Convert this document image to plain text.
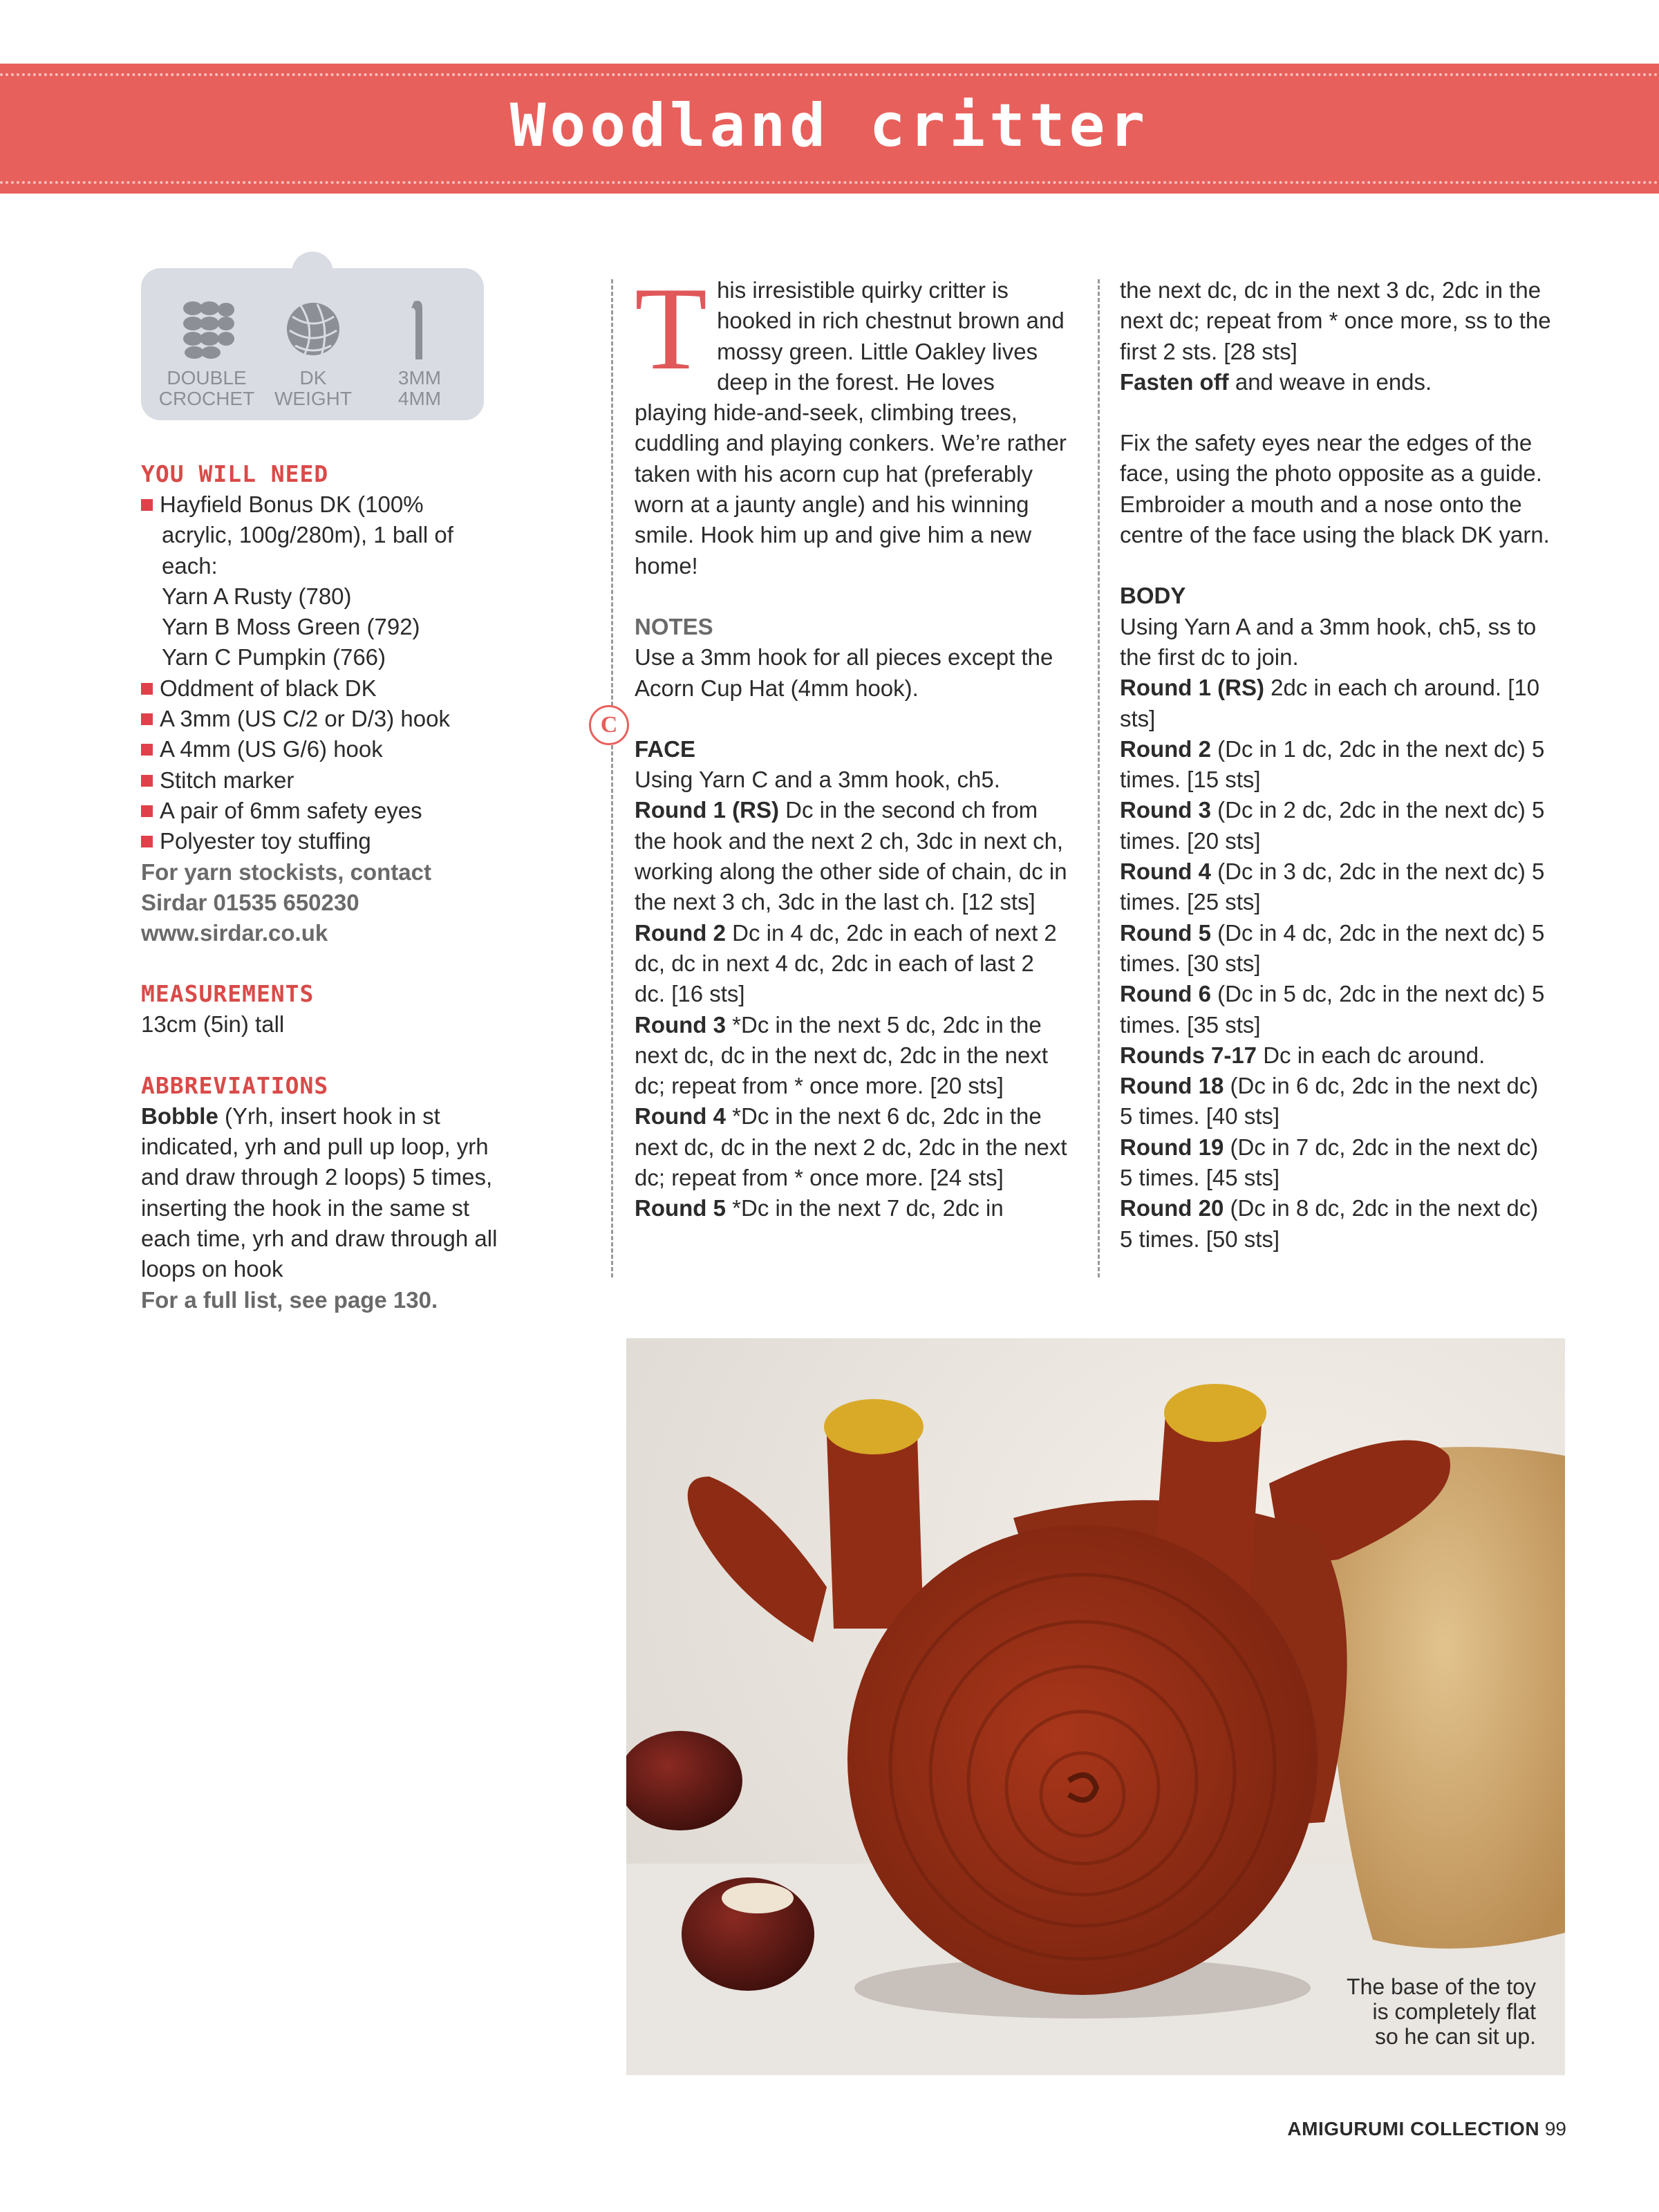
Woodland critter
DOUBLE
CROCHET
DK
WEIGHT
3MM
4MM

YOU WILL NEED

Hayfield Bonus DK (100% acrylic, 100g/280m), 1 ball of each:

Yarn A Rusty (780)

Yarn B Moss Green (792)

Yarn C Pumpkin (766)

Oddment of black DK

A 3mm (US C/2 or D/3) hook

A 4mm (US G/6) hook

Stitch marker

A pair of 6mm safety eyes

Polyester toy stuffing

For yarn stockists, contact Sirdar 01535 650230 www.sirdar.co.uk

MEASUREMENTS

13cm (5in) tall

ABBREVIATIONS

Bobble (Yrh, insert hook in st indicated, yrh and pull up loop, yrh and draw through 2 loops) 5 times, inserting the hook in the same st each time, yrh and draw through all loops on hook

For a full list, see page 130.

This irresistible quirky critter is hooked in rich chestnut brown and mossy green. Little Oakley lives deep in the forest. He loves playing hide-and-seek, climbing trees, cuddling and playing conkers. We’re rather taken with his acorn cup hat (preferably worn at a jaunty angle) and his winning smile. Hook him up and give him a new home!

NOTES

Use a 3mm hook for all pieces except the Acorn Cup Hat (4mm hook).

FACE

Using Yarn C and a 3mm hook, ch5.

Round 1 (RS) Dc in the second ch from the hook and the next 2 ch, 3dc in next ch, working along the other side of chain, dc in the next 3 ch, 3dc in the last ch. [12 sts]

Round 2 Dc in 4 dc, 2dc in each of next 2 dc, dc in next 4 dc, 2dc in each of last 2 dc. [16 sts]

Round 3 *Dc in the next 5 dc, 2dc in the next dc, dc in the next dc, 2dc in the next dc; repeat from * once more. [20 sts]

Round 4 *Dc in the next 6 dc, 2dc in the next dc, dc in the next 2 dc, 2dc in the next dc; repeat from * once more. [24 sts]

Round 5 *Dc in the next 7 dc, 2dc in

C

the next dc, dc in the next 3 dc, 2dc in the next dc; repeat from * once more, ss to the first 2 sts. [28 sts]

Fasten off and weave in ends.

Fix the safety eyes near the edges of the face, using the photo opposite as a guide. Embroider a mouth and a nose onto the centre of the face using the black DK yarn.

BODY

Using Yarn A and a 3mm hook, ch5, ss to the first dc to join.

Round 1 (RS) 2dc in each ch around. [10 sts]

Round 2 (Dc in 1 dc, 2dc in the next dc) 5 times. [15 sts]

Round 3 (Dc in 2 dc, 2dc in the next dc) 5 times. [20 sts]

Round 4 (Dc in 3 dc, 2dc in the next dc) 5 times. [25 sts]

Round 5 (Dc in 4 dc, 2dc in the next dc) 5 times. [30 sts]

Round 6 (Dc in 5 dc, 2dc in the next dc) 5 times. [35 sts]

Rounds 7-17 Dc in each dc around.

Round 18 (Dc in 6 dc, 2dc in the next dc) 5 times. [40 sts]

Round 19 (Dc in 7 dc, 2dc in the next dc) 5 times. [45 sts]

Round 20 (Dc in 8 dc, 2dc in the next dc) 5 times. [50 sts]

The base of the toy
is completely flat
so he can sit up.
AMIGURUMI COLLECTION 99
